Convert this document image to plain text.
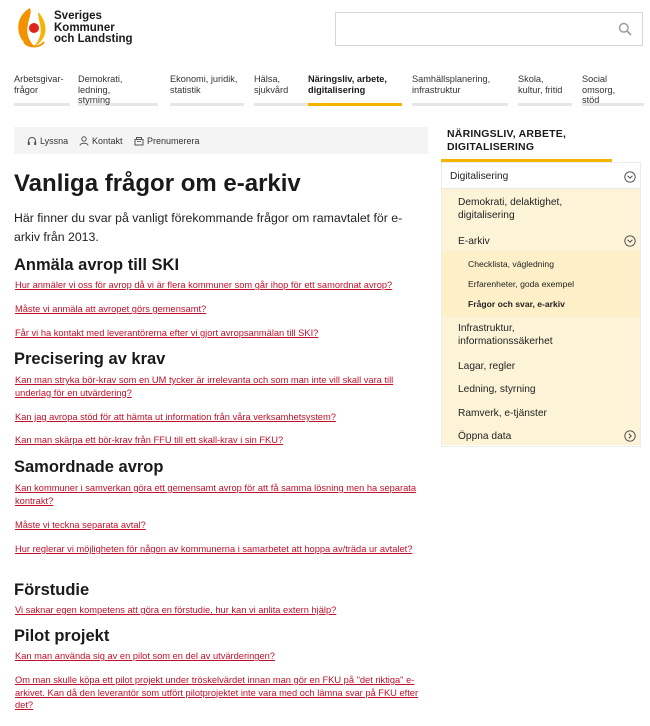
Sveriges
Kommuner
och Landsting
Arbetsgivar-
frågor
Demokrati, ledning,
styrning
Ekonomi, juridik,
statistik
Hälsa,
sjukvård
Näringsliv, arbete,
digitalisering
Samhällsplanering,
infrastruktur
Skola,
kultur, fritid
Social omsorg,
stöd
Lyssna	Kontakt	Prenumerera
Vanliga frågor om e-arkiv

Här finner du svar på vanligt förekommande frågor om ramavtalet för e-arkiv från 2013.

Anmäla avrop till SKI
Hur anmäler vi oss för avrop då vi är flera kommuner som går ihop för ett samordnat avrop?
Måste vi anmäla att avropet görs gemensamt?
Får vi ha kontakt med leverantörerna efter vi gjort avropsanmälan till SKI?
Precisering av krav
Kan man stryka bör-krav som en UM tycker är irrelevanta och som man inte vill skall vara till underlag för en utvärdering?
Kan jag avropa stöd för att hämta ut information från våra verksamhetsystem?
Kan man skärpa ett bör-krav från FFU till ett skall-krav i sin FKU?
Samordnade avrop
Kan kommuner i samverkan göra ett gemensamt avrop för att få samma lösning men ha separata kontrakt?
Måste vi teckna separata avtal?
Hur reglerar vi möjligheten för någon av kommunerna i samarbetet att hoppa av/träda ur avtalet?
Förstudie
Vi saknar egen kompetens att göra en förstudie, hur kan vi anlita extern hjälp?
Pilot projekt
Kan man använda sig av en pilot som en del av utvärderingen?
Om man skulle köpa ett pilot projekt under tröskelvärdet innan man gör en FKU på "det riktiga" e-arkivet. Kan då den leverantör som utfört pilotprojektet inte vara med och lämna svar på FKU efter det?
NÄRINGSLIV, ARBETE, DIGITALISERING
Digitalisering
Demokrati, delaktighet, digitalisering
E-arkiv
Checklista, vägledning
Erfarenheter, goda exempel
Frågor och svar, e-arkiv
Infrastruktur, informationssäkerhet
Lagar, regler
Ledning, styrning
Ramverk, e-tjänster
Öppna data
